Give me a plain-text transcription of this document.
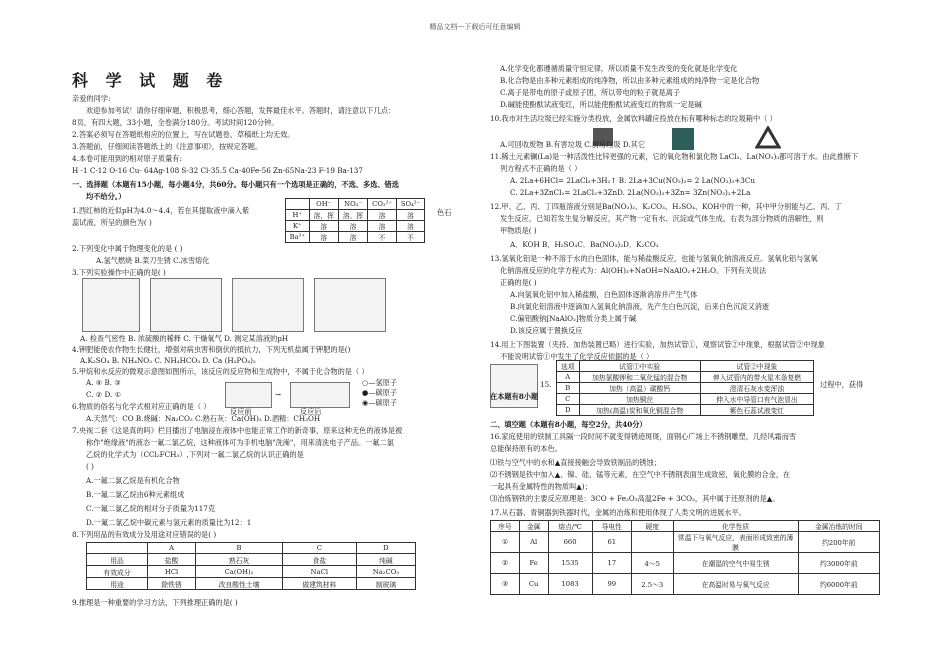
精品文档---下载后可任意编辑
科 学 试 题 卷
亲爱的同学:
欢迎参加考试！请你仔细审题，积极思考，细心答题，发挥最佳水平。答题时，请注意以下几点：
8页，有四大题，33小题，全卷满分180分。考试时间120分钟。
2.答案必须写在答题纸相应的位置上，写在试题卷、草稿纸上均无效。
3.答题前，仔细阅读答题纸上的《注意事项》，按规定答题。
4.本卷可能用到的相对原子质量有:
H -1 C-12 O-16 Cu- 64Ag-108 S-32 Cl-35.5 Ca-40Fe-56 Zn-65Na-23 F-19 Ba-137
一、选择题（本题有15小题，每小题4分，共60分。每小题只有一个选项是正确的，不选、多选、错选
均不给分。）
1.西红柿的近似pH为4.0～4.4，若在其提取液中滴入紫
蕊试液，所呈的颜色为( )
色石
	OH⁻	NO₃⁻	CO₃²⁻	SO₄²⁻
H⁺	溶、挥	溶、挥	溶	溶
K⁺	溶	溶	溶	溶
Ba²⁺	溶	溶	不	不
2.下列变化中属于物理变化的是 ( )
A.氢气燃烧 B.菜刀生锈 C.冰雪熔化
3.下列实验操作中正确的是( )
A. 检查气密性 B. 浓硫酸的稀释 C. 干燥氧气 D. 测定某溶液的pH
4.钾肥能使农作物生长健壮，增强对病虫害和倒伏的抵抗力，下列无机盐属于钾肥的是()
A.K₂SO₄ B. NH₄NO₃ C. NH₄HCO₃ D. Ca (H₂PO₄)₂
5.甲烷和水反应的微观示意图如图所示，该反应的反应物和生成物中，不属于化合物的是（ ）
A. ④ B. ③
C. ② D. ①
反应前
→
反应后
○—氢原子
●—碳原子
◉—碳原子
6.物质的俗名与化学式相对应正确的是（ ）
A.天然气：CO B.烧碱：Na₂CO₃ C.熟石灰：Ca(OH)₂ D.酒精：CH₃OH
7.央视二套《这是真的吗》栏目播出了电脑浸在液体中也能正常工作的新奇事，原来这种无色的液体是被
称作"绝缘液"的液态一氟二氯乙烷，这种液体可为手机电脑"洗澡"，用来清洗电子产品。一氟二氯
乙烷的化学式为（CCl₂FCH₃）,下列对一氟二氯乙烷的认识正确的是
( )
A.一氟二氯乙烷是有机化合物
B.一氟二氯乙烷由6种元素组成
C.一氟二氯乙烷的相对分子质量为117克
D.一氟二氯乙烷中碳元素与氢元素的质量比为12：1
8.下列用品的有效成分及用途对应错误的是( )
	A	B	C	D
用品	盐酸	熟石灰	食盐	纯碱
有效成分	HCl	Ca(OH)₂	NaCl	Na₂CO₃
用途	除铁锈	改良酸性土壤	做建筑材料	制玻璃
9.推理是一种重要的学习方法，下列推理正确的是( )
A.化学变化都遵循质量守恒定律，所以质量不发生改变的变化就是化学变化
B.化合物是由多种元素组成的纯净物，所以由多种元素组成的纯净物一定是化合物
C.离子是带电的原子或原子团，所以带电的粒子就是离子
D.碱能使酚酞试液变红，所以能使酚酞试液变红的物质一定是碱
10.我市对生活垃圾已经实施分类投放，金属饮料罐应投放在标有哪种标志的垃圾箱中（ ）
A.可回收废物 B.有害垃圾 C.厨房垃圾 D.其它
11.稀土元素镧(La)是一种活泼性比锌更强的元素，它的氧化物和氯化物 LaCl₃、La(NO₃)₃都可溶于水。由此推断下
列方程式不正确的是（ ）
A. 2La+6HCl= 2LaCl₃+3H₂↑ B. 2La+3Cu(NO₃)₂= 2 La(NO₃)₃+3Cu
C. 2La+3ZnCl₂= 2LaCl₃+3ZnD. 2La(NO₃)₃+3Zn= 3Zn(NO₃)₂+2La
12.甲、乙、丙、丁四瓶溶液分别是Ba(NO₃)₂、K₂CO₃、H₂SO₄、KOH中的一种，其中甲分别能与乙、丙、丁
发生反应，已知若发生复分解反应，其产物一定有水、沉淀或气体生成，右表为部分物质的溶解性，则
甲物质是( )
A．KOH B．H₂SO₄C．Ba(NO₃)₂D．K₂CO₃
13.氢氧化铝是一种不溶于水的白色固体，能与稀盐酸反应，也能与氢氧化钠溶液反应。氢氧化铝与氢氧
化钠溶液反应的化学方程式为：Al(OH)₃+NaOH=NaAlO₂+2H₂O。下列有关说法
正确的是( )
A.向氢氧化铝中加入稀盐酸，白色固体逐渐消溶并产生气体
B.向氯化铝溶液中逐滴加入氢氧化钠溶液，先产生白色沉淀，后来白色沉淀又消逝
C.偏铝酸钠[NaAlO₂]物质分类上属于碱
D.该反应属于置换反应
14.用上下图装置（夹持、加热装置已略）进行实验，加热试管①，观察试管②中现象，根据试管②中现象
不能说明试管①中发生了化学反应依据的是（ ）
15.
在本题有8小题
选项	试管①中实验	试管②中现象
A	加热氯酸钾和二氧化锰的混合物	伸入试管内的带火星木条复燃
B	加热（高温）碳酸钙	澄清石灰水变浑浊
C	加热铜丝	伸入水中导管口有气泡冒出
D	加热(高温)炭和氧化铜混合物	紫色石蕊试液变红
过程中，获得
二、填空题（本题有8小题，每空2分，共40分）
16.家庭使用的铁制工具隔一段时间不就变得锈迹斑斑，面钢心广场上不锈钢雕塑，几经风霜而雪
总能保持原有的本色。
⑴铁与空气中的水和▲直接接触会导致铁制品的锈蚀；
⑵不锈钢是铁中加入▲、镍、硅、锰等元素，在空气中不锈钢表面生成致密，氧化膜的合金，在
一起具有金属特性的物质叫▲)；
⑶冶炼钢铁的主要反应原理是：3CO + Fe₂O₃高温2Fe + 3CO₂，其中属于还原剂的是▲。
17.从石器、青铜器到铁器时代，金属的冶炼和使用体现了人类文明的进展水平。
序号	金属	熔点/℃	导电性	硬度	化学性质	金属冶炼的时间
①	Al	660	61		常温下与氧气反应，表面形成致密的薄膜	约200年前
②	Fe	1535	17	4～5	在潮湿的空气中易生锈	约3000年前
③	Cu	1083	99	2.5～3	在高温时易与氧气反应	约6000年前
